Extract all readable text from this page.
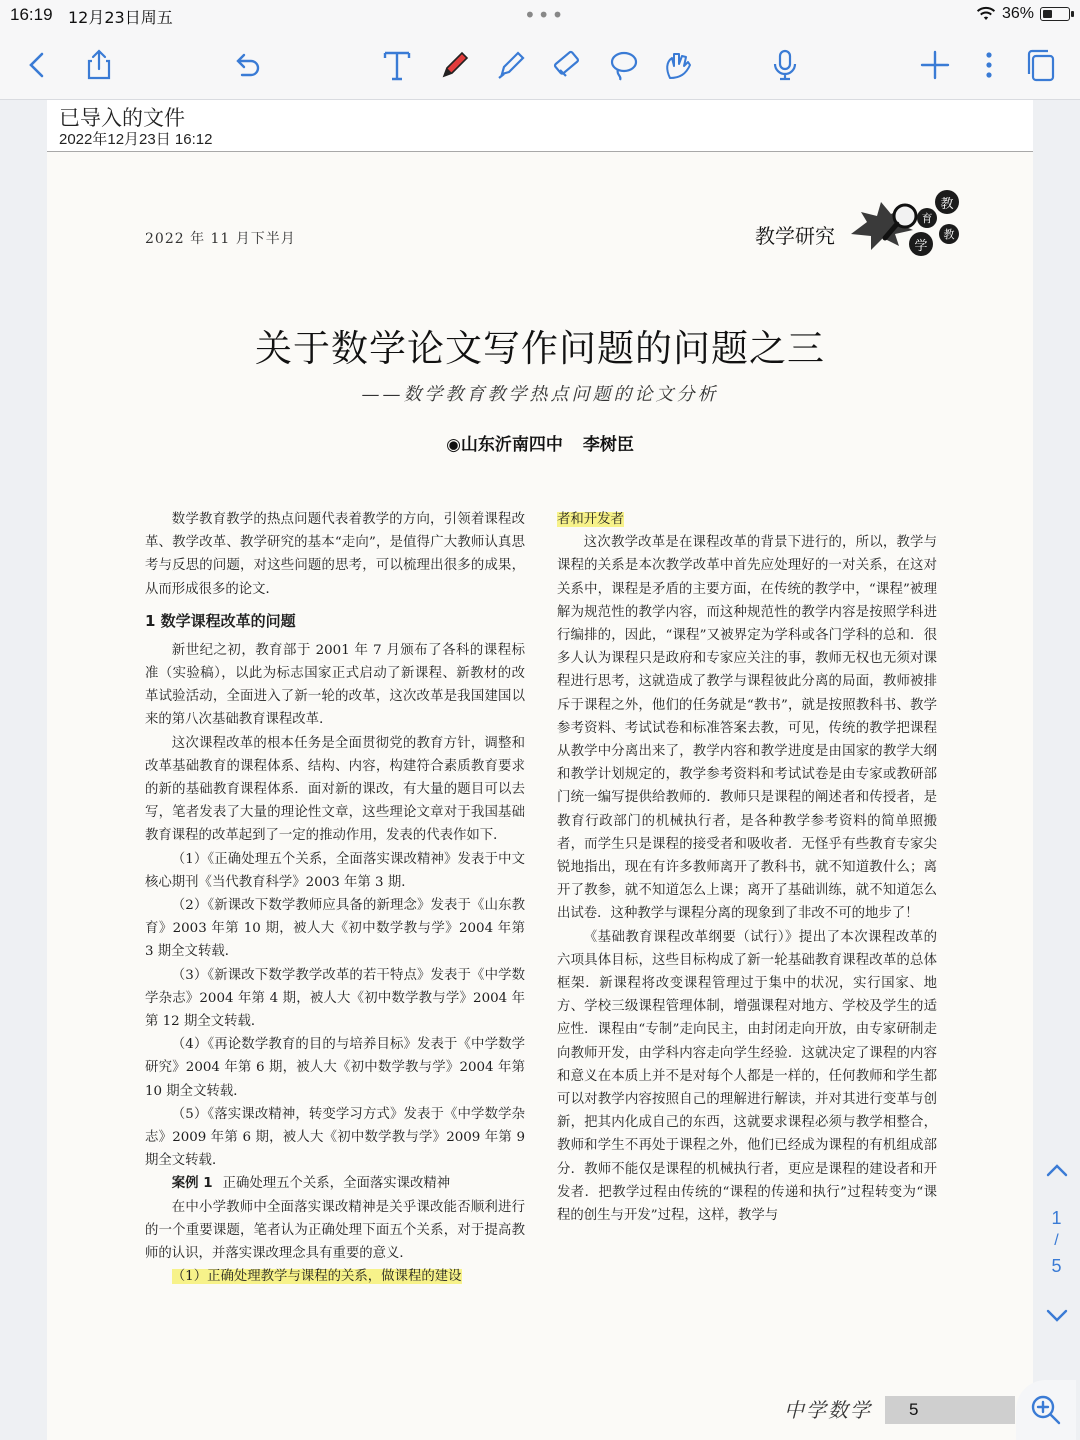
16:19 12月23日周五	•••	36%
已导入的文件
2022年12月23日 16:12
2022 年 11 月下半月	教学研究
教
育
教
学
关于数学论文写作问题的问题之三
——数学教育教学热点问题的论文分析
◉山东沂南四中 李树臣

数学教育教学的热点问题代表着教学的方向，引领着课程改革、教学改革、教学研究的基本“走向”，是值得广大教师认真思考与反思的问题，对这些问题的思考，可以梳理出很多的成果，从而形成很多的论文．

1 数学课程改革的问题

新世纪之初，教育部于 2001 年 7 月颁布了各科的课程标准（实验稿），以此为标志国家正式启动了新课程、新教材的改革试验活动，全面进入了新一轮的改革，这次改革是我国建国以来的第八次基础教育课程改革．

这次课程改革的根本任务是全面贯彻党的教育方针，调整和改革基础教育的课程体系、结构、内容，构建符合素质教育要求的新的基础教育课程体系．面对新的课改，有大量的题目可以去写，笔者发表了大量的理论性文章，这些理论文章对于我国基础教育课程的改革起到了一定的推动作用，发表的代表作如下．

（1）《正确处理五个关系，全面落实课改精神》发表于中文核心期刊《当代教育科学》2003 年第 3 期．

（2）《新课改下数学教师应具备的新理念》发表于《山东教育》2003 年第 10 期，被人大《初中数学教与学》2004 年第 3 期全文转载．

（3）《新课改下数学教学改革的若干特点》发表于《中学数学杂志》2004 年第 4 期，被人大《初中数学教与学》2004 年第 12 期全文转载．

（4）《再论数学教育的目的与培养目标》发表于《中学数学研究》2004 年第 6 期，被人大《初中数学教与学》2004 年第 10 期全文转载．

（5）《落实课改精神，转变学习方式》发表于《中学数学杂志》2009 年第 6 期，被人大《初中数学教与学》2009 年第 9 期全文转载．

案例 1 正确处理五个关系，全面落实课改精神

在中小学教师中全面落实课改精神是关乎课改能否顺利进行的一个重要课题，笔者认为正确处理下面五个关系，对于提高教师的认识，并落实课改理念具有重要的意义．

（1）正确处理教学与课程的关系，做课程的建设

者和开发者

这次教学改革是在课程改革的背景下进行的，所以，教学与课程的关系是本次教学改革中首先应处理好的一对关系，在这对关系中，课程是矛盾的主要方面，在传统的教学中，“课程”被理解为规范性的教学内容，而这种规范性的教学内容是按照学科进行编排的，因此，“课程”又被界定为学科或各门学科的总和．很多人认为课程只是政府和专家应关注的事，教师无权也无须对课程进行思考，这就造成了教学与课程彼此分离的局面，教师被排斥于课程之外，他们的任务就是“教书”，就是按照教科书、教学参考资料、考试试卷和标准答案去教，可见，传统的教学把课程从教学中分离出来了，教学内容和教学进度是由国家的教学大纲和教学计划规定的，教学参考资料和考试试卷是由专家或教研部门统一编写提供给教师的．教师只是课程的阐述者和传授者，是教育行政部门的机械执行者，是各种教学参考资料的简单照搬者，而学生只是课程的接受者和吸收者．无怪乎有些教育专家尖锐地指出，现在有许多教师离开了教科书，就不知道教什么；离开了教参，就不知道怎么上课；离开了基础训练，就不知道怎么出试卷．这种教学与课程分离的现象到了非改不可的地步了！

《基础教育课程改革纲要（试行）》提出了本次课程改革的六项具体目标，这些目标构成了新一轮基础教育课程改革的总体框架．新课程将改变课程管理过于集中的状况，实行国家、地方、学校三级课程管理体制，增强课程对地方、学校及学生的适应性．课程由“专制”走向民主，由封闭走向开放，由专家研制走向教师开发，由学科内容走向学生经验．这就决定了课程的内容和意义在本质上并不是对每个人都是一样的，任何教师和学生都可以对教学内容按照自己的理解进行解读，并对其进行变革与创新，把其内化成自己的东西，这就要求课程必须与教学相整合，教师和学生不再处于课程之外，他们已经成为课程的有机组成部分．教师不能仅是课程的机械执行者，更应是课程的建设者和开发者．把教学过程由传统的“课程的传递和执行”过程转变为“课程的创生与开发”过程，这样，教学与

中学数学	5
1
/
5
